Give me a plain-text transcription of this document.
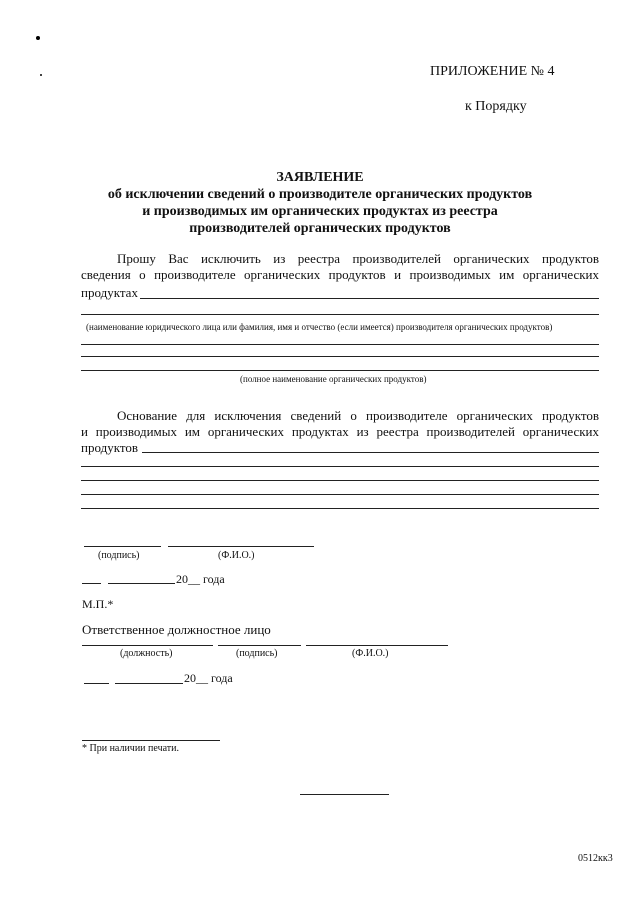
ПРИЛОЖЕНИЕ № 4
к Порядку
ЗАЯВЛЕНИЕ
об исключении сведений о производителе органических продуктов
и производимых им органических продуктах из реестра
производителей органических продуктов
Прошу Вас исключить из реестра производителей органических продуктов
сведения о производителе органических продуктов и производимых им органических
продуктах
(наименование юридического лица или фамилия, имя и отчество (если имеется) производителя органических продуктов)
(полное наименование органических продуктов)
Основание для исключения сведений о производителе органических продуктов
и производимых им органических продуктах из реестра производителей органических
продуктов
(подпись)	(Ф.И.О.)
20__ года
М.П.*
Ответственное должностное лицо
(должность)	(подпись)	(Ф.И.О.)
20__ года
* При наличии печати.
0512кк3
